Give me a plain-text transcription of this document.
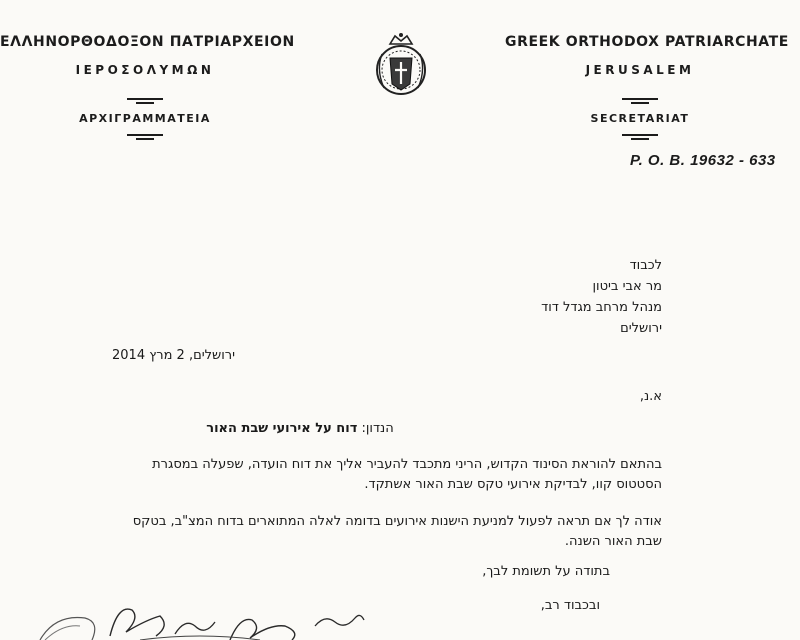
ΕΛΛΗΝΟΡΘΟΔΟΞΟΝ ΠΑΤΡΙΑΡΧΕΙΟΝ
ΙΕΡΟΣΟΛΥΜΩΝ
ΑΡΧΙΓΡΑΜΜΑΤΕΙΑ
GREEK ORTHODOX PATRIARCHATE
JERUSALEM
SECRETARIAT
P. O. B. 19632 - 633
לכבוד
מר אבי ביטון
מנהל מרחב מגדל דוד
ירושלים
ירושלים, 2 מרץ 2014
א.נ,
הנדון: דוח על אירועי שבת האור
בהתאם להוראת הסינוד הקדוש, הריני מתכבד להעביר אליך את דוח הועדה, שפעלה במסגרת
הסטטוס קוו, לבדיקת אירועי טקס שבת האור אשתקד.
אודה לך אם תראה לפעול למניעת הישנות אירועים בדומה לאלה המתוארים בדוח המצ"ב, בטקס
שבת האור השנה.
בתודה על תשומת לבך,
ובכבוד רב,
